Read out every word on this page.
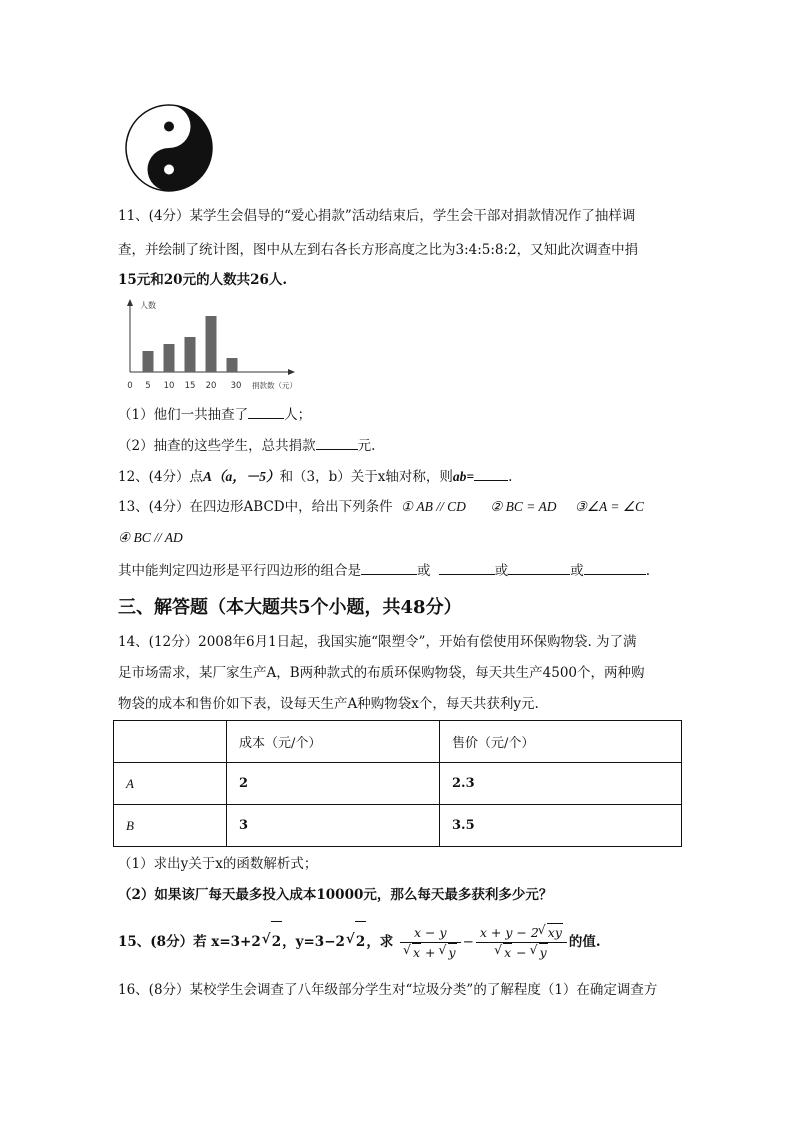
11、(4分）某学生会倡导的“爱心捐款”活动结束后，学生会干部对捐款情况作了抽样调
查，并绘制了统计图，图中从左到右各长方形高度之比为3:4:5:8:2，又知此次调查中捐
15元和20元的人数共26人.
人数
0	捐款数（元）
5 10 15 20 30
（1）他们一共抽查了	人；
（2）抽查的这些学生，总共捐款	元.
12、(4分）点A（a，－5）和（3，b）关于x轴对称，则ab=	.
13、(4分）在四边形ABCD中，给出下列条件 ① AB // CD ② BC = AD ③∠A = ∠C
④ BC // AD
其中能判定四边形是平行四边形的组合是	或	或	或	.
三、解答题（本大题共5个小题，共48分）
14、(12分）2008年6月1日起，我国实施“限塑令”，开始有偿使用环保购物袋. 为了满
足市场需求，某厂家生产A，B两种款式的布质环保购物袋，每天共生产4500个，两种购
物袋的成本和售价如下表，设每天生产A种购物袋x个，每天共获利y元.
	成本（元/个）	售价（元/个）
A	2	2.3
B	3	3.5
（1）求出y关于x的函数解析式；
（2）如果该厂每天最多投入成本10000元，那么每天最多获利多少元？
15、(8分）若 x=3+2 √ 2，y=3−2 √ 2，求 x − y
√ x + √ y − x + y − 2 √ xy
√ x − √ y 的值.
16、(8分）某校学生会调查了八年级部分学生对“垃圾分类”的了解程度（1）在确定调查方
